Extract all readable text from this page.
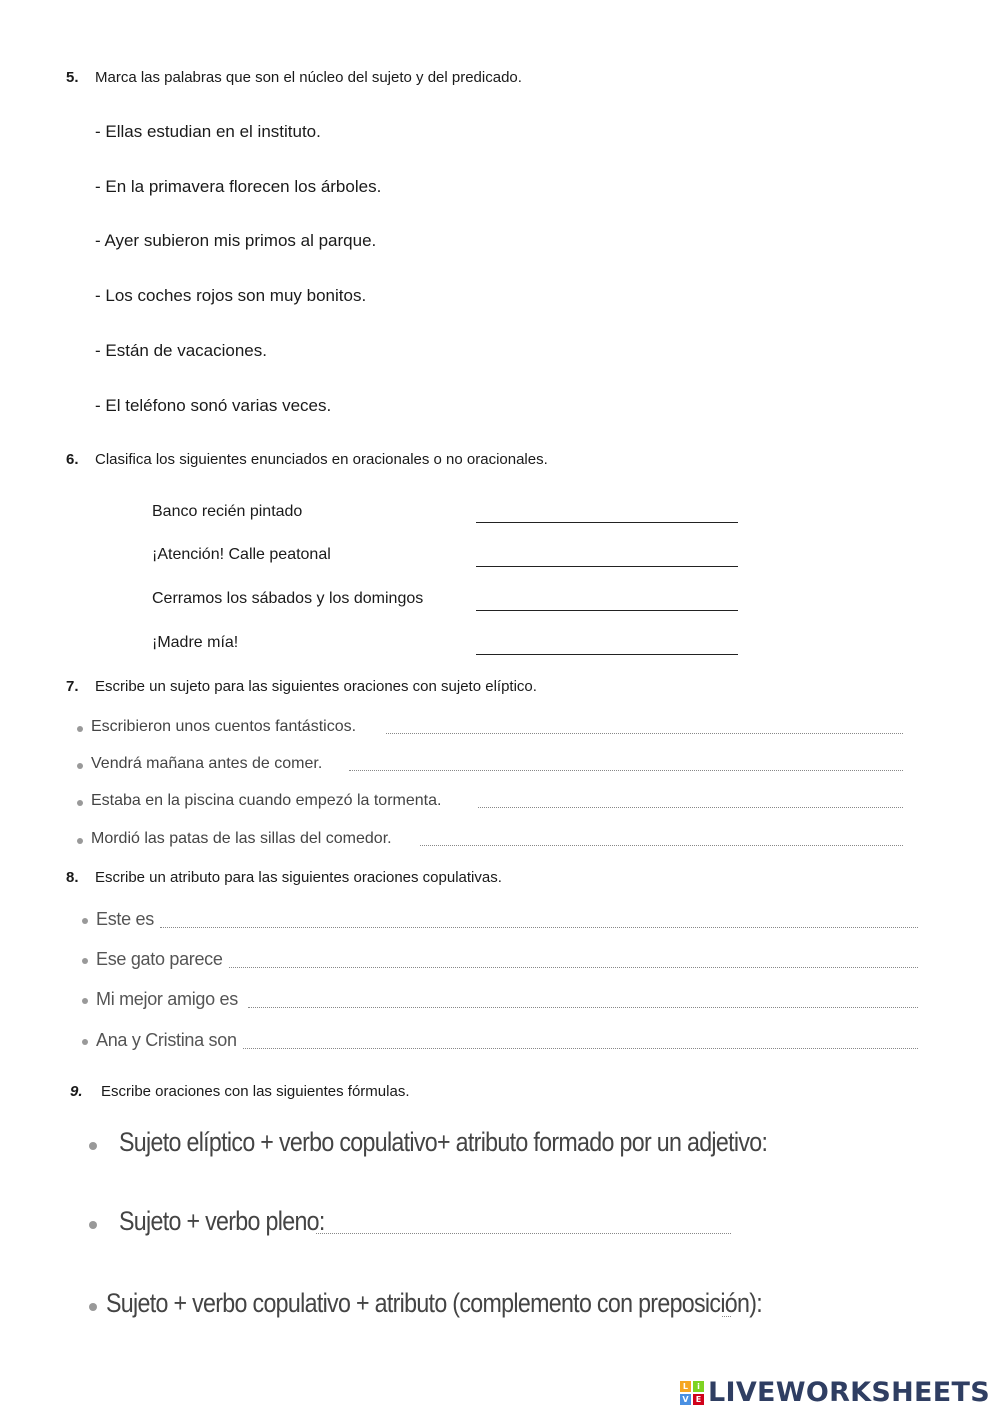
5. Marca las palabras que son el núcleo del sujeto y del predicado.
- Ellas estudian en el instituto.
- En la primavera florecen los árboles.
- Ayer subieron mis primos al parque.
- Los coches rojos son muy bonitos.
- Están de vacaciones.
- El teléfono sonó varias veces.
6. Clasifica los siguientes enunciados en oracionales o no oracionales.
Banco recién pintado
¡Atención! Calle peatonal
Cerramos los sábados y los domingos
¡Madre mía!
7. Escribe un sujeto para las siguientes oraciones con sujeto elíptico.
Escribieron unos cuentos fantásticos.
Vendrá mañana antes de comer.
Estaba en la piscina cuando empezó la tormenta.
Mordió las patas de las sillas del comedor.
8. Escribe un atributo para las siguientes oraciones copulativas.
Este es
Ese gato parece
Mi mejor amigo es
Ana y Cristina son
9. Escribe oraciones con las siguientes fórmulas.
Sujeto elíptico + verbo copulativo+ atributo formado por un adjetivo:
Sujeto + verbo pleno:
Sujeto + verbo copulativo + atributo (complemento con preposición):
L	i
V E LIVEWORKSHEETS
